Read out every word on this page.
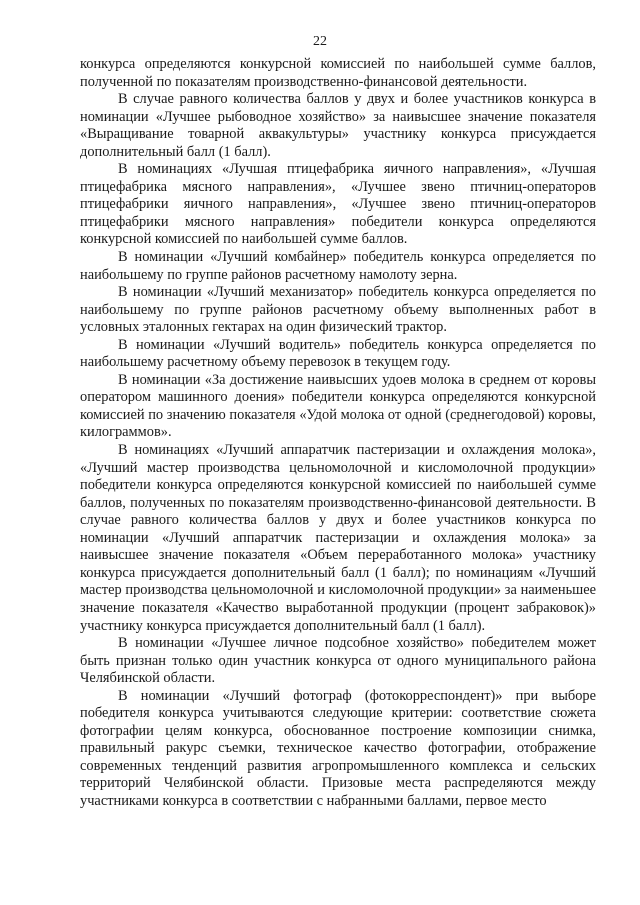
22

конкурса определяются конкурсной комиссией по наибольшей сумме баллов, полученной по показателям производственно-финансовой деятельности.

В случае равного количества баллов у двух и более участников конкурса в номинации «Лучшее рыбоводное хозяйство» за наивысшее значение показателя «Выращивание товарной аквакультуры» участнику конкурса присуждается дополнительный балл (1 балл).

В номинациях «Лучшая птицефабрика яичного направления», «Лучшая птицефабрика мясного направления», «Лучшее звено птичниц-операторов птицефабрики яичного направления», «Лучшее звено птичниц-операторов птицефабрики мясного направления» победители конкурса определяются конкурсной комиссией по наибольшей сумме баллов.

В номинации «Лучший комбайнер» победитель конкурса определяется по наибольшему по группе районов расчетному намолоту зерна.

В номинации «Лучший механизатор» победитель конкурса определяется по наибольшему по группе районов расчетному объему выполненных работ в условных эталонных гектарах на один физический трактор.

В номинации «Лучший водитель» победитель конкурса определяется по наибольшему расчетному объему перевозок в текущем году.

В номинации «За достижение наивысших удоев молока в среднем от коровы оператором машинного доения» победители конкурса определяются конкурсной комиссией по значению показателя «Удой молока от одной (среднегодовой) коровы, килограммов».

В номинациях «Лучший аппаратчик пастеризации и охлаждения молока», «Лучший мастер производства цельномолочной и кисломолочной продукции» победители конкурса определяются конкурсной комиссией по наибольшей сумме баллов, полученных по показателям производственно-финансовой деятельности. В случае равного количества баллов у двух и более участников конкурса по номинации «Лучший аппаратчик пастеризации и охлаждения молока» за наивысшее значение показателя «Объем переработанного молока» участнику конкурса присуждается дополнительный балл (1 балл); по номинациям «Лучший мастер производства цельномолочной и кисломолочной продукции» за наименьшее значение показателя «Качество выработанной продукции (процент забраковок)» участнику конкурса присуждается дополнительный балл (1 балл).

В номинации «Лучшее личное подсобное хозяйство» победителем может быть признан только один участник конкурса от одного муниципального района Челябинской области.

В номинации «Лучший фотограф (фотокорреспондент)» при выборе победителя конкурса учитываются следующие критерии: соответствие сюжета фотографии целям конкурса, обоснованное построение композиции снимка, правильный ракурс съемки, техническое качество фотографии, отображение современных тенденций развития агропромышленного комплекса и сельских территорий Челябинской области. Призовые места распределяются между участниками конкурса в соответствии с набранными баллами, первое место
